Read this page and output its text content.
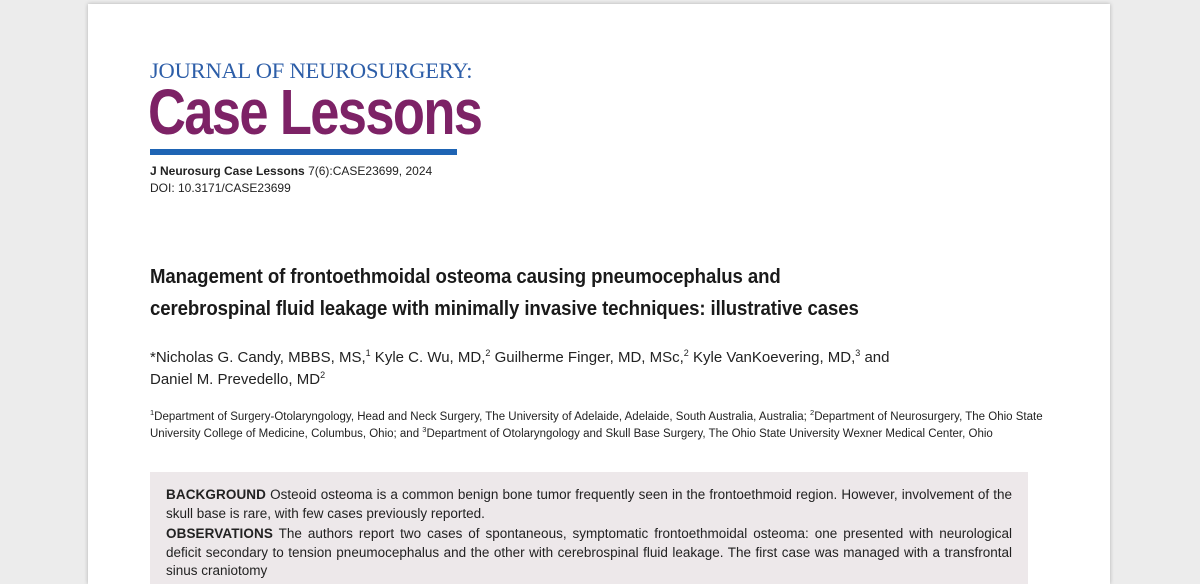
JOURNAL OF NEUROSURGERY:
Case Lessons
J Neurosurg Case Lessons 7(6):CASE23699, 2024
DOI: 10.3171/CASE23699
Management of frontoethmoidal osteoma causing pneumocephalus and
cerebrospinal fluid leakage with minimally invasive techniques: illustrative cases
*Nicholas G. Candy, MBBS, MS,$^1$ Kyle C. Wu, MD,$^2$ Guilherme Finger, MD, MSc,$^2$ Kyle VanKoevering, MD,$^3$ and
Daniel M. Prevedello, $MD^2$
$^1$Department of Surgery-Otolaryngology, Head and Neck Surgery, The University of Adelaide, Adelaide, South Australia, Australia; $^2$Department of Neurosurgery, The Ohio State
University College of Medicine, Columbus, Ohio; and $^3$Department of Otolaryngology and Skull Base Surgery, The Ohio State University Wexner Medical Center, Ohio

BACKGROUND Osteoid osteoma is a common benign bone tumor frequently seen in the frontoethmoid region. However, involvement of the skull base is rare, with few cases previously reported.

OBSERVATIONS The authors report two cases of spontaneous, symptomatic frontoethmoidal osteoma: one presented with neurological deficit secondary to tension pneumocephalus and the other with cerebrospinal fluid leakage. The first case was managed with a transfrontal sinus craniotomy
